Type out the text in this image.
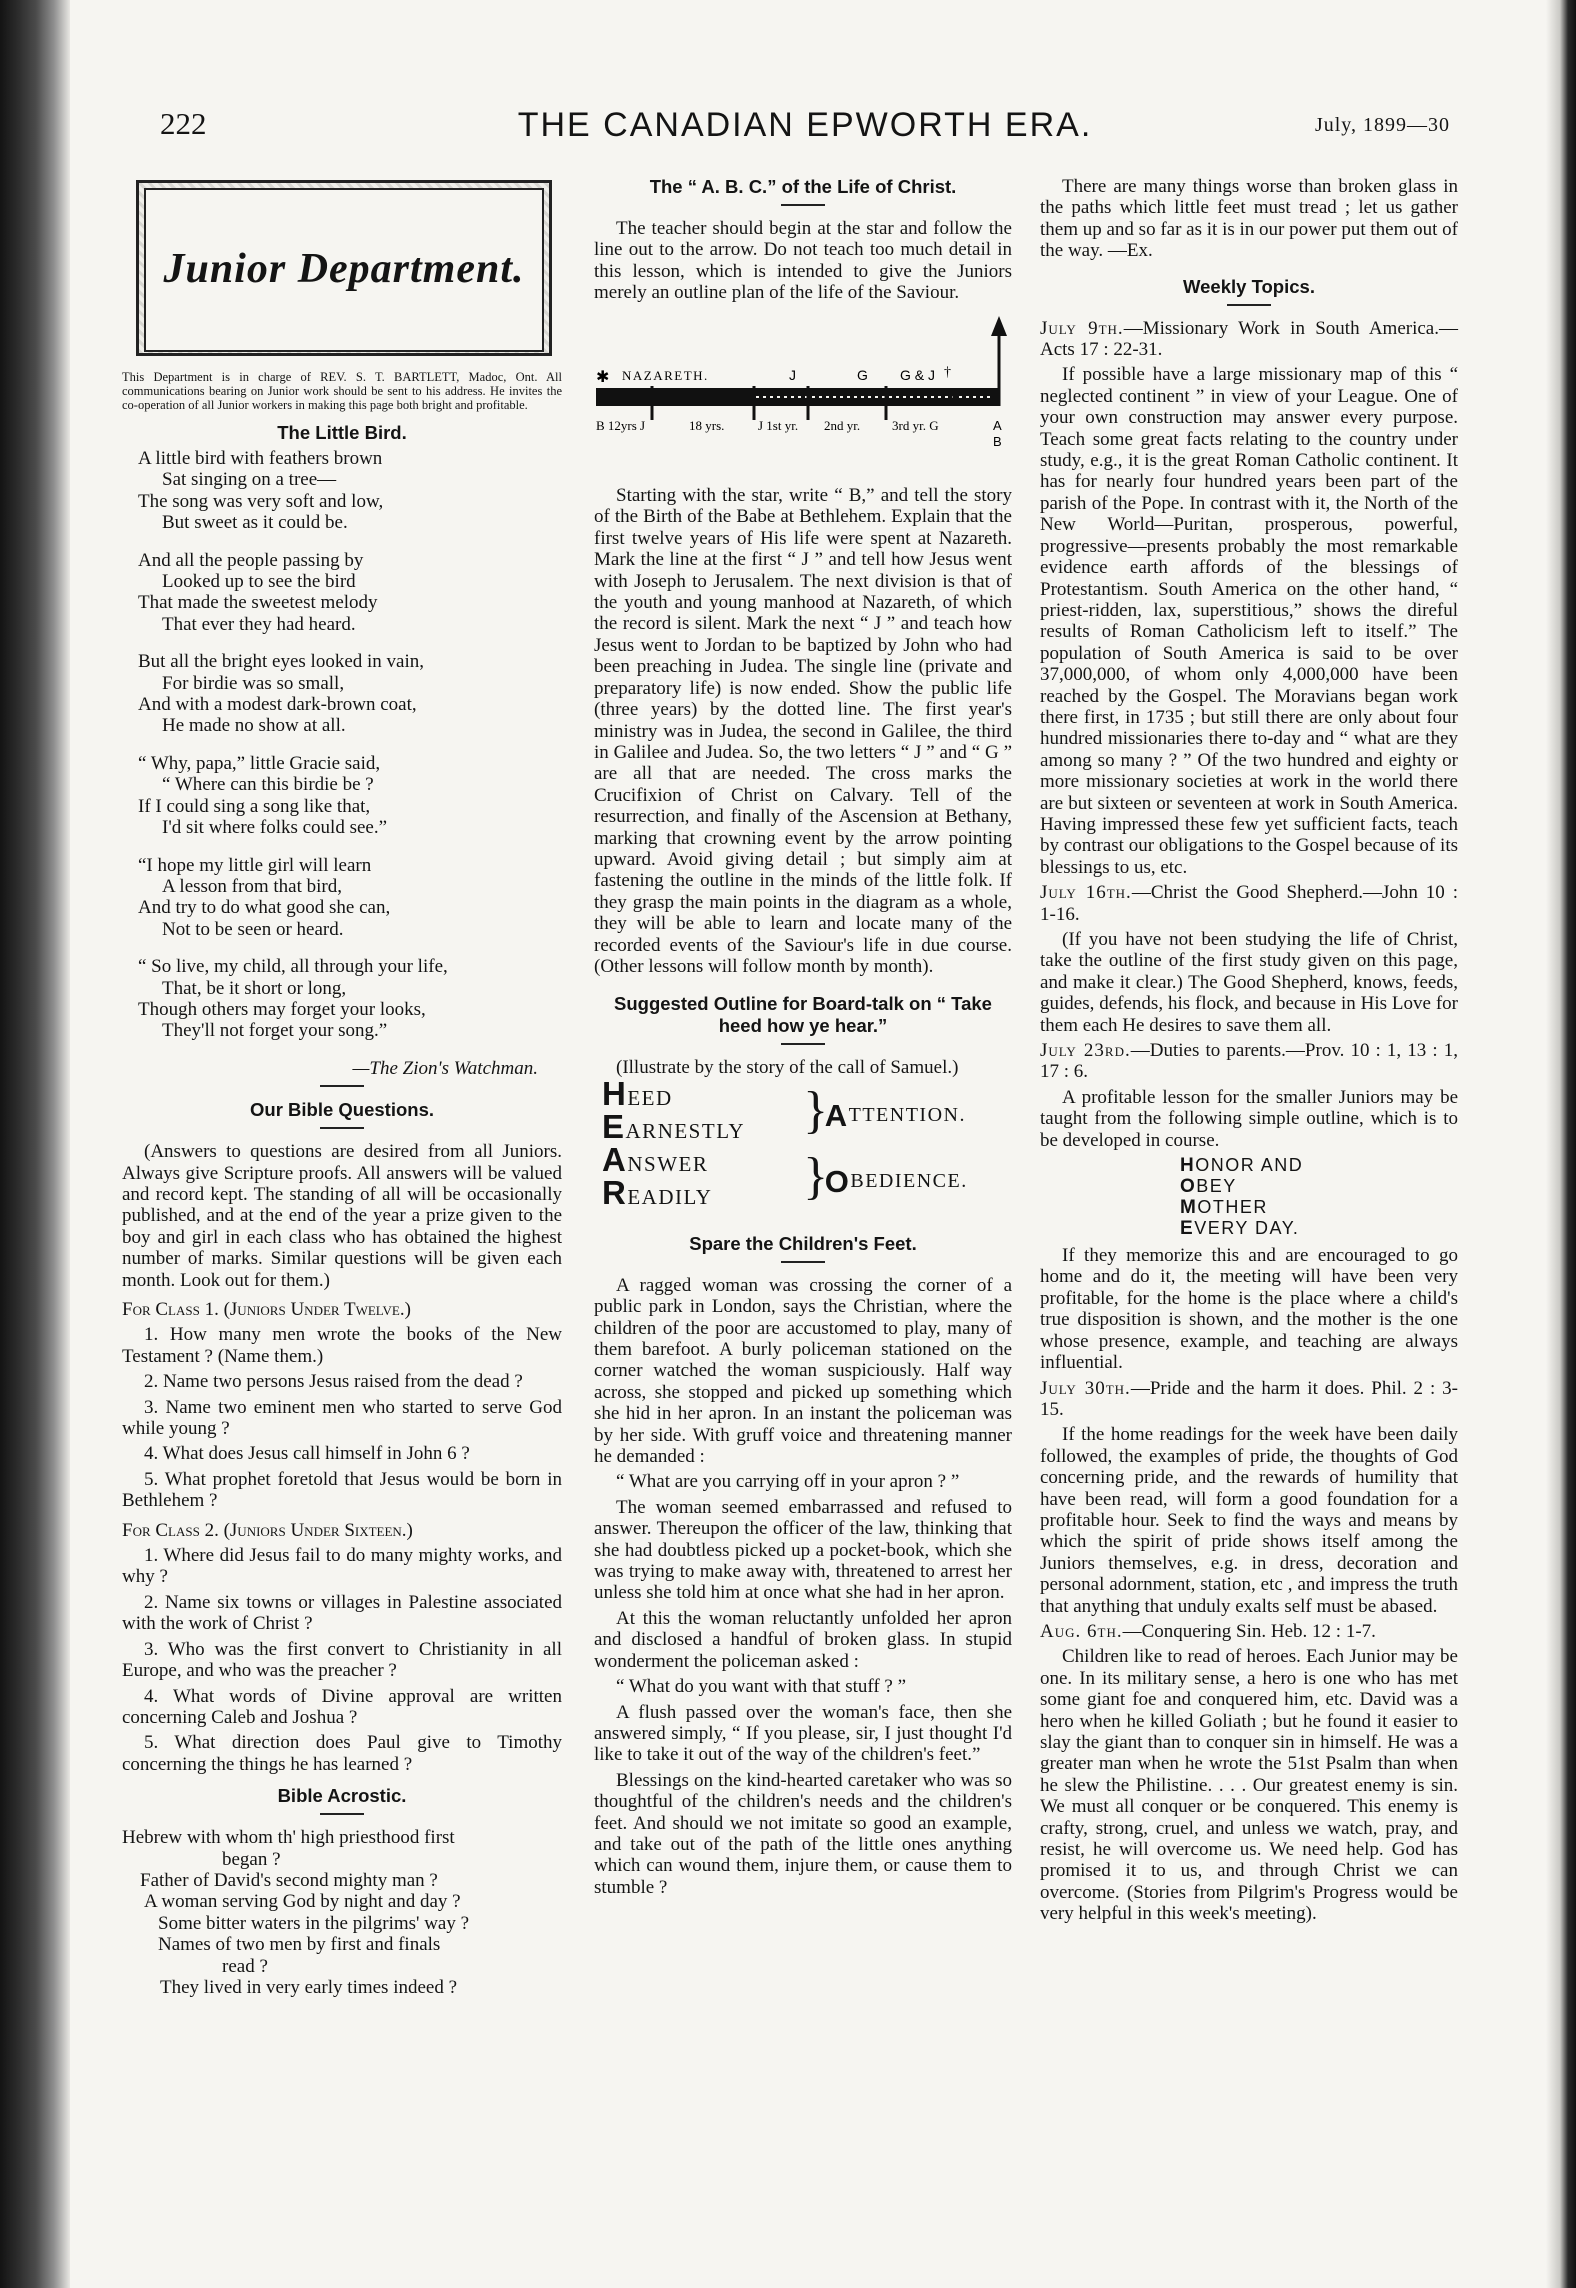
222	THE CANADIAN EPWORTH ERA.	July, 1899—30
Junior Department.

This Department is in charge of REV. S. T. BARTLETT, Madoc, Ont. All communications bearing on Junior work should be sent to his address. He invites the co-operation of all Junior workers in making this page both bright and profitable.

The Little Bird.
A little bird with feathers brown
Sat singing on a tree—
The song was very soft and low,
But sweet as it could be.
And all the people passing by
Looked up to see the bird
That made the sweetest melody
That ever they had heard.
But all the bright eyes looked in vain,
For birdie was so small,
And with a modest dark-brown coat,
He made no show at all.
“ Why, papa,” little Gracie said,
“ Where can this birdie be ?
If I could sing a song like that,
I'd sit where folks could see.”
“I hope my little girl will learn
A lesson from that bird,
And try to do what good she can,
Not to be seen or heard.
“ So live, my child, all through your life,
That, be it short or long,
Though others may forget your looks,
They'll not forget your song.”
—The Zion's Watchman.
Our Bible Questions.

(Answers to questions are desired from all Juniors. Always give Scripture proofs. All answers will be valued and record kept. The standing of all will be occasionally published, and at the end of the year a prize given to the boy and girl in each class who has obtained the highest number of marks. Similar questions will be given each month. Look out for them.)

For Class 1. (Juniors Under Twelve.)

1. How many men wrote the books of the New Testament ? (Name them.)

2. Name two persons Jesus raised from the dead ?

3. Name two eminent men who started to serve God while young ?

4. What does Jesus call himself in John 6 ?

5. What prophet foretold that Jesus would be born in Bethlehem ?

For Class 2. (Juniors Under Sixteen.)

1. Where did Jesus fail to do many mighty works, and why ?

2. Name six towns or villages in Palestine associated with the work of Christ ?

3. Who was the first convert to Christianity in all Europe, and who was the preacher ?

4. What words of Divine approval are written concerning Caleb and Joshua ?

5. What direction does Paul give to Timothy concerning the things he has learned ?

Bible Acrostic.
Hebrew with whom th' high priesthood first
began ?
Father of David's second mighty man ?
A woman serving God by night and day ?
Some bitter waters in the pilgrims' way ?
Names of two men by first and finals
read ?
They lived in very early times indeed ?
The “ A. B. C.” of the Life of Christ.

The teacher should begin at the star and follow the line out to the arrow. Do not teach too much detail in this lesson, which is intended to give the Juniors merely an outline plan of the life of the Saviour.

✱ NAZARETH.	J	G G & J †
B 12yrs J	18 yrs.	J 1st yr. 2nd yr. 3rd yr. G	A
B

Starting with the star, write “ B,” and tell the story of the Birth of the Babe at Bethlehem. Explain that the first twelve years of His life were spent at Nazareth. Mark the line at the first “ J ” and tell how Jesus went with Joseph to Jerusalem. The next division is that of the youth and young manhood at Nazareth, of which the record is silent. Mark the next “ J ” and teach how Jesus went to Jordan to be baptized by John who had been preaching in Judea. The single line (private and preparatory life) is now ended. Show the public life (three years) by the dotted line. The first year's ministry was in Judea, the second in Galilee, the third in Galilee and Judea. So, the two letters “ J ” and “ G ” are all that are needed. The cross marks the Crucifixion of Christ on Calvary. Tell of the resurrection, and finally of the Ascension at Bethany, marking that crowning event by the arrow pointing upward. Avoid giving detail ; but simply aim at fastening the outline in the minds of the little folk. If they grasp the main points in the diagram as a whole, they will be able to learn and locate many of the recorded events of the Saviour's life in due course. (Other lessons will follow month by month).

Suggested Outline for Board-talk on “ Take heed how ye hear.”

(Illustrate by the story of the call of Samuel.)

HEED
EARNESTLY
ANSWER
READILY
}
}
A TTENTION.
O BEDIENCE.
Spare the Children's Feet.

A ragged woman was crossing the corner of a public park in London, says the Christian, where the children of the poor are accustomed to play, many of them barefoot. A burly policeman stationed on the corner watched the woman suspiciously. Half way across, she stopped and picked up something which she hid in her apron. In an instant the policeman was by her side. With gruff voice and threatening manner he demanded :

“ What are you carrying off in your apron ? ”

The woman seemed embarrassed and refused to answer. Thereupon the officer of the law, thinking that she had doubtless picked up a pocket-book, which she was trying to make away with, threatened to arrest her unless she told him at once what she had in her apron.

At this the woman reluctantly unfolded her apron and disclosed a handful of broken glass. In stupid wonderment the policeman asked :

“ What do you want with that stuff ? ”

A flush passed over the woman's face, then she answered simply, “ If you please, sir, I just thought I'd like to take it out of the way of the children's feet.”

Blessings on the kind-hearted caretaker who was so thoughtful of the children's needs and the children's feet. And should we not imitate so good an example, and take out of the path of the little ones anything which can wound them, injure them, or cause them to stumble ?

There are many things worse than broken glass in the paths which little feet must tread ; let us gather them up and so far as it is in our power put them out of the way. —Ex.

Weekly Topics.

July 9th.—Missionary Work in South America.—Acts 17 : 22-31.

If possible have a large missionary map of this “ neglected continent ” in view of your League. One of your own construction may answer every purpose. Teach some great facts relating to the country under study, e.g., it is the great Roman Catholic continent. It has for nearly four hundred years been part of the parish of the Pope. In contrast with it, the North of the New World—Puritan, prosperous, powerful, progressive—presents probably the most remarkable evidence earth affords of the blessings of Protestantism. South America on the other hand, “ priest-ridden, lax, superstitious,” shows the direful results of Roman Catholicism left to itself.” The population of South America is said to be over 37,000,000, of whom only 4,000,000 have been reached by the Gospel. The Moravians began work there first, in 1735 ; but still there are only about four hundred missionaries there to-day and “ what are they among so many ? ” Of the two hundred and eighty or more missionary societies at work in the world there are but sixteen or seventeen at work in South America. Having impressed these few yet sufficient facts, teach by contrast our obligations to the Gospel because of its blessings to us, etc.

July 16th.—Christ the Good Shepherd.—John 10 : 1-16.

(If you have not been studying the life of Christ, take the outline of the first study given on this page, and make it clear.) The Good Shepherd, knows, feeds, guides, defends, his flock, and because in His Love for them each He desires to save them all.

July 23rd.—Duties to parents.—Prov. 10 : 1, 13 : 1, 17 : 6.

A profitable lesson for the smaller Juniors may be taught from the following simple outline, which is to be developed in course.

HONOR AND
OBEY
MOTHER
EVERY DAY.

If they memorize this and are encouraged to go home and do it, the meeting will have been very profitable, for the home is the place where a child's true disposition is shown, and the mother is the one whose presence, example, and teaching are always influential.

July 30th.—Pride and the harm it does. Phil. 2 : 3-15.

If the home readings for the week have been daily followed, the examples of pride, the thoughts of God concerning pride, and the rewards of humility that have been read, will form a good foundation for a profitable hour. Seek to find the ways and means by which the spirit of pride shows itself among the Juniors themselves, e.g. in dress, decoration and personal adornment, station, etc , and impress the truth that anything that unduly exalts self must be abased.

Aug. 6th.—Conquering Sin. Heb. 12 : 1-7.

Children like to read of heroes. Each Junior may be one. In its military sense, a hero is one who has met some giant foe and conquered him, etc. David was a hero when he killed Goliath ; but he found it easier to slay the giant than to conquer sin in himself. He was a greater man when he wrote the 51st Psalm than when he slew the Philistine. . . . Our greatest enemy is sin. We must all conquer or be conquered. This enemy is crafty, strong, cruel, and unless we watch, pray, and resist, he will overcome us. We need help. God has promised it to us, and through Christ we can overcome. (Stories from Pilgrim's Progress would be very helpful in this week's meeting).
